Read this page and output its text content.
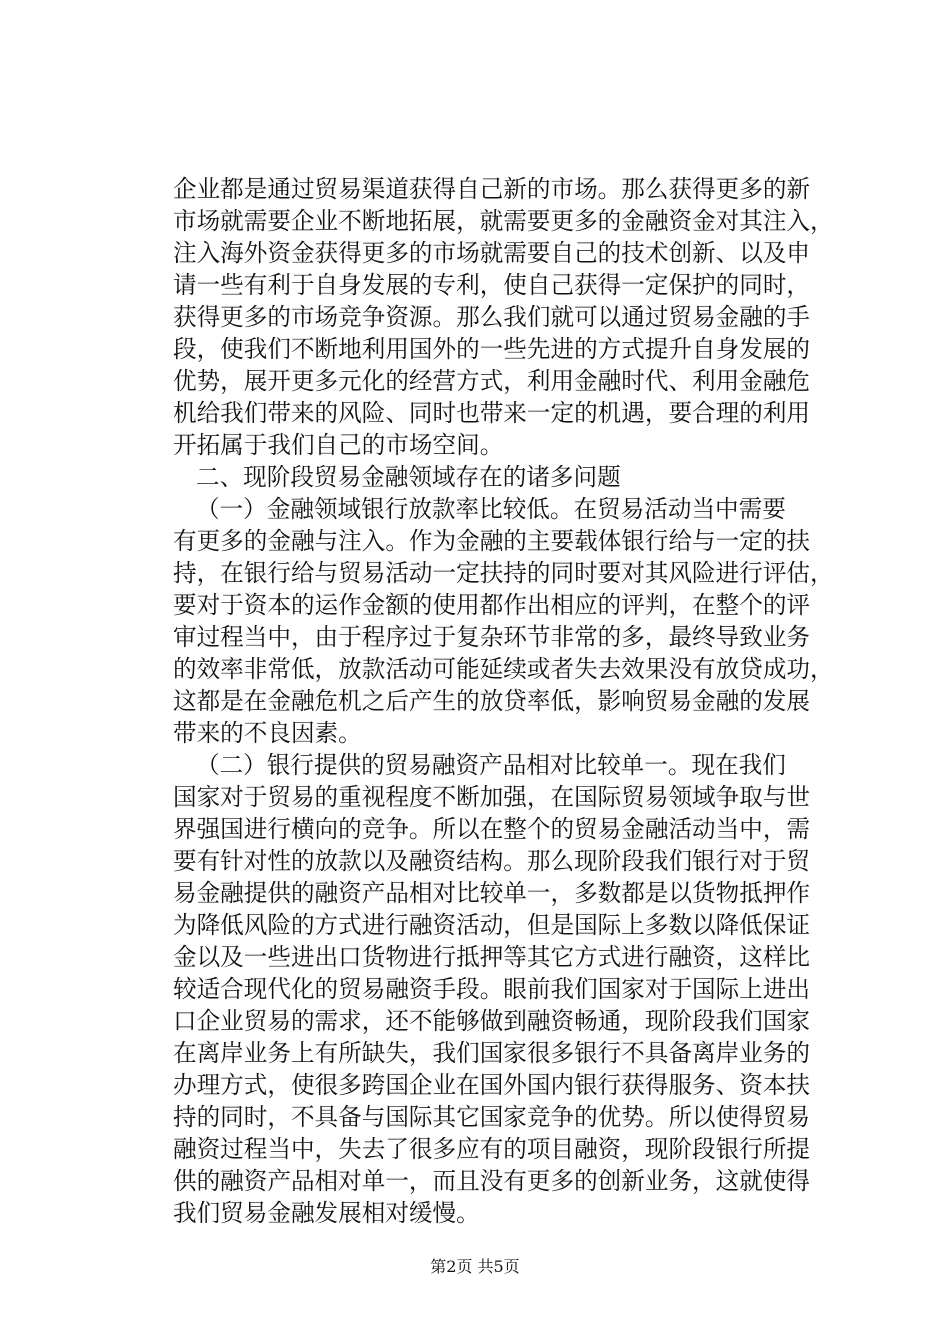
企业都是通过贸易渠道获得自己新的市场。那么获得更多的新
市场就需要企业不断地拓展，就需要更多的金融资金对其注入，
注入海外资金获得更多的市场就需要自己的技术创新、以及申
请一些有利于自身发展的专利，使自己获得一定保护的同时，
获得更多的市场竞争资源。那么我们就可以通过贸易金融的手
段，使我们不断地利用国外的一些先进的方式提升自身发展的
优势，展开更多元化的经营方式，利用金融时代、利用金融危
机给我们带来的风险、同时也带来一定的机遇，要合理的利用
开拓属于我们自己的市场空间。
二、现阶段贸易金融领域存在的诸多问题
（一）金融领域银行放款率比较低。在贸易活动当中需要
有更多的金融与注入。作为金融的主要载体银行给与一定的扶
持，在银行给与贸易活动一定扶持的同时要对其风险进行评估，
要对于资本的运作金额的使用都作出相应的评判，在整个的评
审过程当中，由于程序过于复杂环节非常的多，最终导致业务
的效率非常低，放款活动可能延续或者失去效果没有放贷成功，
这都是在金融危机之后产生的放贷率低，影响贸易金融的发展
带来的不良因素。
（二）银行提供的贸易融资产品相对比较单一。现在我们
国家对于贸易的重视程度不断加强，在国际贸易领域争取与世
界强国进行横向的竞争。所以在整个的贸易金融活动当中，需
要有针对性的放款以及融资结构。那么现阶段我们银行对于贸
易金融提供的融资产品相对比较单一，多数都是以货物抵押作
为降低风险的方式进行融资活动，但是国际上多数以降低保证
金以及一些进出口货物进行抵押等其它方式进行融资，这样比
较适合现代化的贸易融资手段。眼前我们国家对于国际上进出
口企业贸易的需求，还不能够做到融资畅通，现阶段我们国家
在离岸业务上有所缺失，我们国家很多银行不具备离岸业务的
办理方式，使很多跨国企业在国外国内银行获得服务、资本扶
持的同时，不具备与国际其它国家竞争的优势。所以使得贸易
融资过程当中，失去了很多应有的项目融资，现阶段银行所提
供的融资产品相对单一，而且没有更多的创新业务，这就使得
我们贸易金融发展相对缓慢。
第2页 共5页
